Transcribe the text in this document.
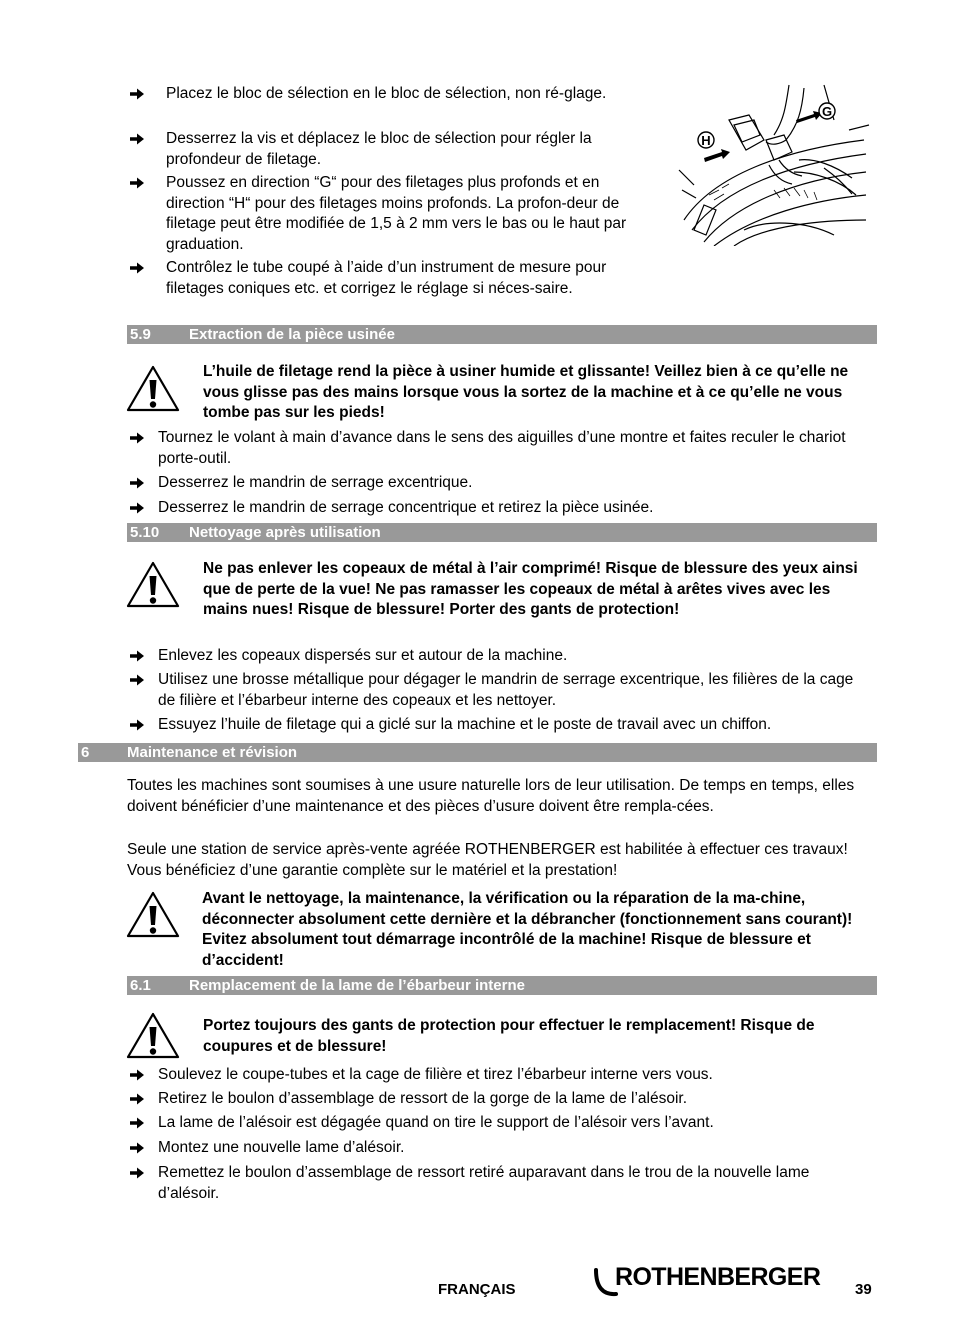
Placez le bloc de sélection en le bloc de sélection, non ré-glage.
Desserrez la vis et déplacez le bloc de sélection pour régler la profondeur de filetage.
Poussez en direction “G“ pour des filetages plus profonds et en direction “H“ pour des filetages moins profonds. La profon-deur de filetage peut être modifiée de 1,5 à 2 mm vers le bas ou le haut par graduation.
Contrôlez le tube coupé à l’aide d’un instrument de mesure pour filetages coniques etc. et corrigez le réglage si néces-saire.
H
G
5.9	Extraction de la pièce usinée
L’huile de filetage rend la pièce à usiner humide et glissante! Veillez bien à ce qu’elle ne vous glisse pas des mains lorsque vous la sortez de la machine et à ce qu’elle ne vous tombe pas sur les pieds!
Tournez le volant à main d’avance dans le sens des aiguilles d’une montre et faites reculer le chariot porte-outil.
Desserrez le mandrin de serrage excentrique.
Desserrez le mandrin de serrage concentrique et retirez la pièce usinée.
5.10 Nettoyage après utilisation
Ne pas enlever les copeaux de métal à l’air comprimé! Risque de blessure des yeux ainsi que de perte de la vue! Ne pas ramasser les copeaux de métal à arêtes vives avec les mains nues! Risque de blessure! Porter des gants de protection!
Enlevez les copeaux dispersés sur et autour de la machine.
Utilisez une brosse métallique pour dégager le mandrin de serrage excentrique, les filières de la cage de filière et l’ébarbeur interne des copeaux et les nettoyer.
Essuyez l’huile de filetage qui a giclé sur la machine et le poste de travail avec un chiffon.
6	Maintenance et révision
Toutes les machines sont soumises à une usure naturelle lors de leur utilisation. De temps en temps, elles doivent bénéficier d’une maintenance et des pièces d’usure doivent être rempla-cées.
Seule une station de service après-vente agréée ROTHENBERGER est habilitée à effectuer ces travaux! Vous bénéficiez d’une garantie complète sur le matériel et la prestation!
Avant le nettoyage, la maintenance, la vérification ou la réparation de la ma-chine, déconnecter absolument cette dernière et la débrancher (fonctionnement sans courant)! Evitez absolument tout démarrage incontrôlé de la machine! Risque de blessure et d’accident!
6.1	Remplacement de la lame de l’ébarbeur interne
Portez toujours des gants de protection pour effectuer le remplacement! Risque de coupures et de blessure!
Soulevez le coupe-tubes et la cage de filière et tirez l’ébarbeur interne vers vous.
Retirez le boulon d’assemblage de ressort de la gorge de la lame de l’alésoir.
La lame de l’alésoir est dégagée quand on tire le support de l’alésoir vers l’avant.
Montez une nouvelle lame d’alésoir.
Remettez le boulon d’assemblage de ressort retiré auparavant dans le trou de la nouvelle lame d’alésoir.
FRANÇAIS	ROTHENBERGER 39
